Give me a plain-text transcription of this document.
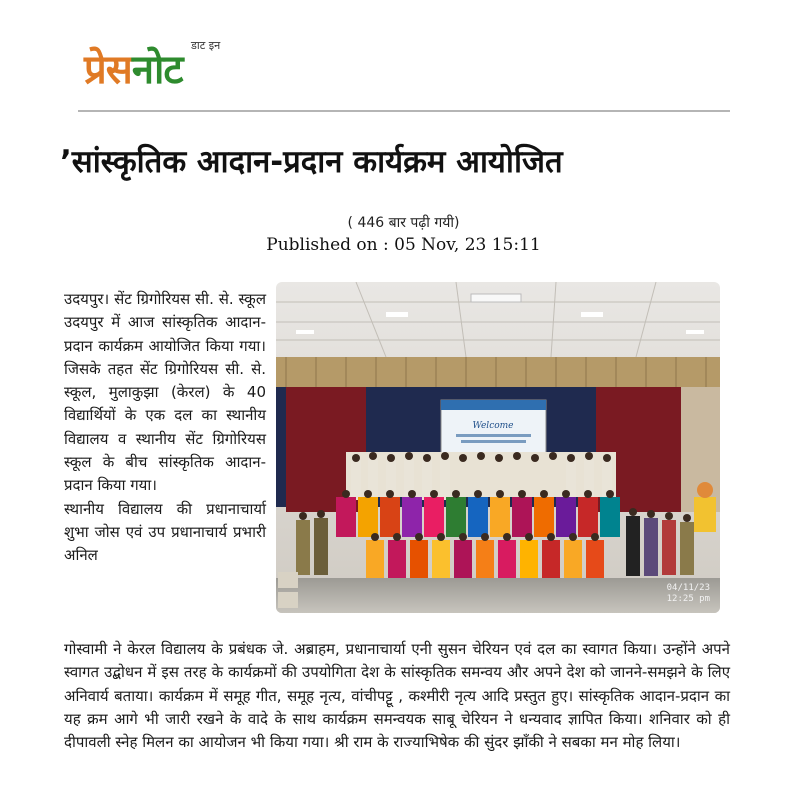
प्रेसनोट
डाट इन
’सांस्कृतिक आदान-प्रदान कार्यक्रम आयोजित
( 446 बार पढ़ी गयी)
Published on : 05 Nov, 23 15:11
Welcome
04/11/23
12:25 pm

उदयपुर। सेंट ग्रिगोरियस सी. से. स्कूल उदयपुर में आज सांस्कृतिक आदान-प्रदान कार्यक्रम आयोजित किया गया। जिसके तहत सेंट ग्रिगोरियस सी. से. स्कूल, मुलाकुझा (केरल) के 40 विद्यार्थियों के एक दल का स्थानीय विद्यालय व स्थानीय सेंट ग्रिगोरियस स्कूल के बीच सांस्कृतिक आदान-प्रदान किया गया।

स्थानीय विद्यालय की प्रधानाचार्या शुभा जोस एवं उप प्रधानाचार्य प्रभारी अनिल

गोस्वामी ने केरल विद्यालय के प्रबंधक जे. अब्राहम, प्रधानाचार्या एनी सुसन चेरियन एवं दल का स्वागत किया। उन्होंने अपने स्वागत उद्बोधन में इस तरह के कार्यक्रमों की उपयोगिता देश के सांस्कृतिक समन्वय और अपने देश को जानने-समझने के लिए अनिवार्य बताया। कार्यक्रम में समूह गीत, समूह नृत्य, वांचीपट्टू , कश्मीरी नृत्य आदि प्रस्तुत हुए। सांस्कृतिक आदान-प्रदान का यह क्रम आगे भी जारी रखने के वादे के साथ कार्यक्रम समन्वयक साबू चेरियन ने धन्यवाद ज्ञापित किया। शनिवार को ही दीपावली स्नेह मिलन का आयोजन भी किया गया। श्री राम के राज्याभिषेक की सुंदर झाँकी ने सबका मन मोह लिया।
